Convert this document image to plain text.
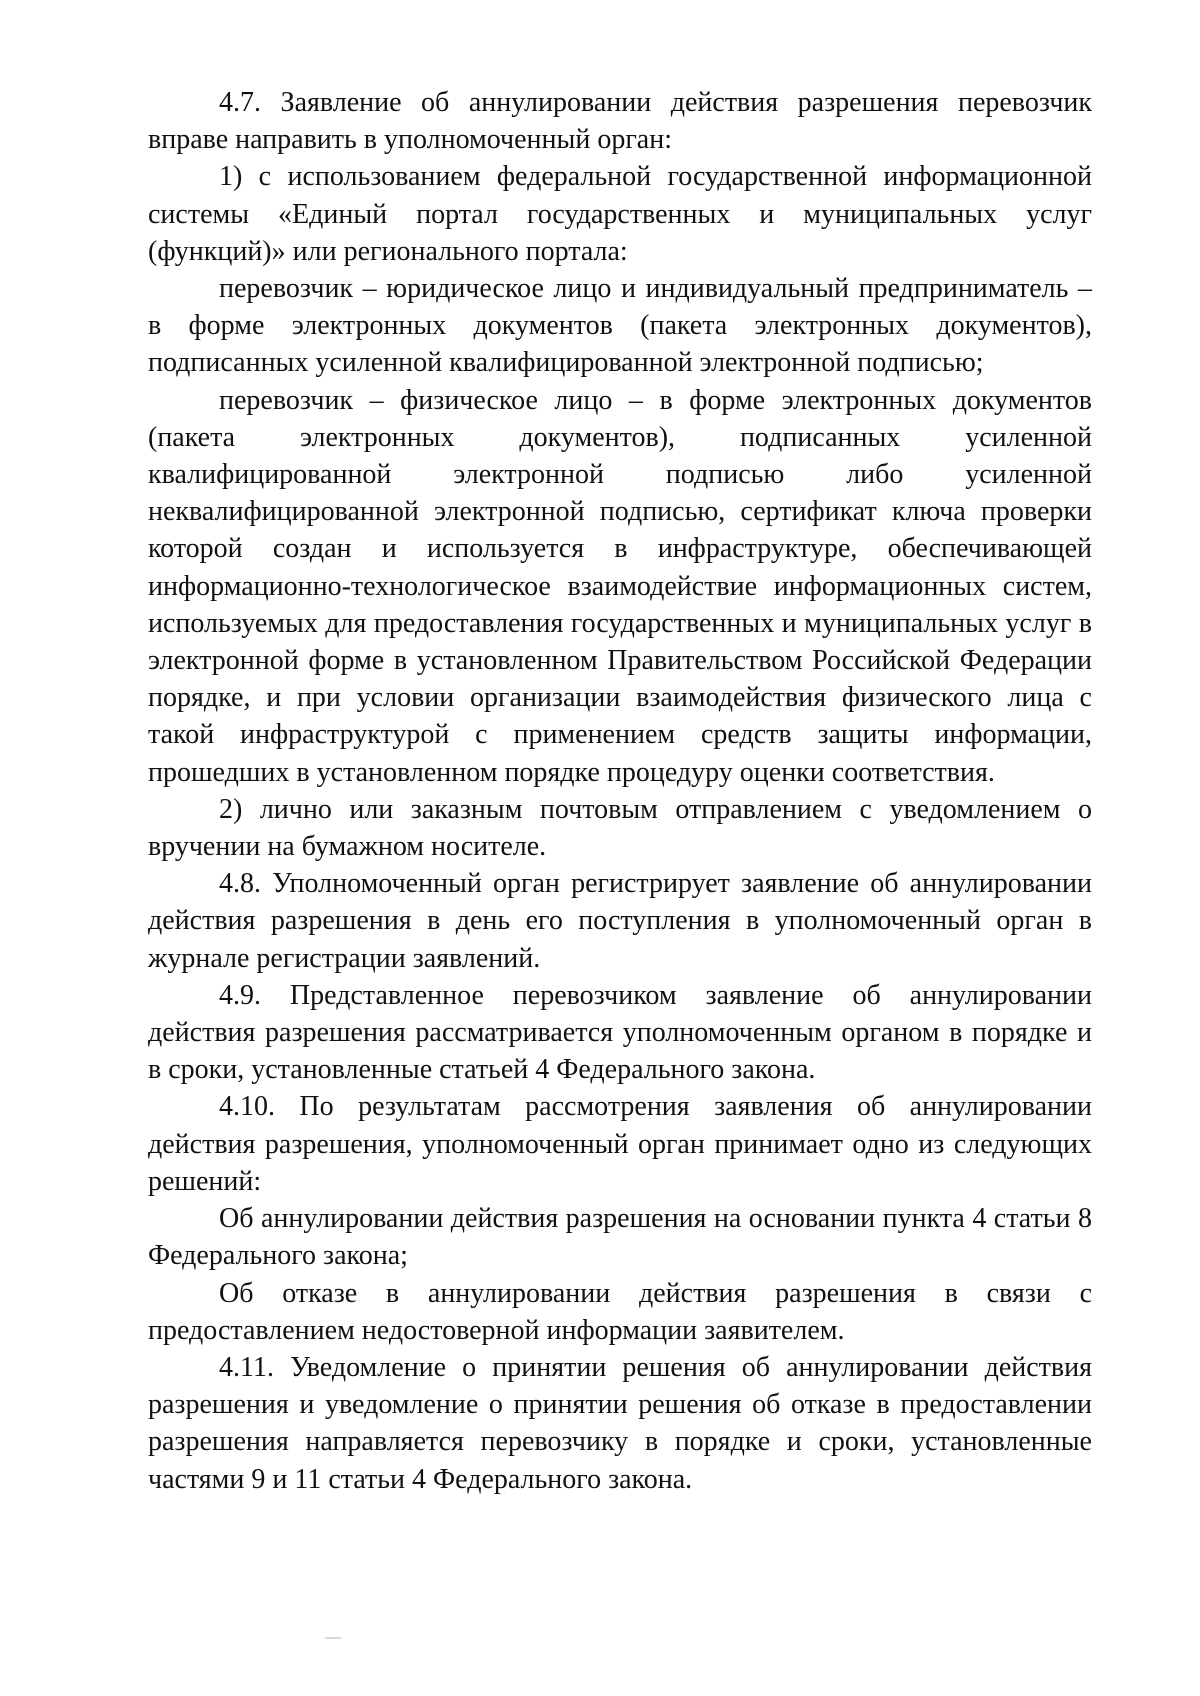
4.7. Заявление об аннулировании действия разрешения перевозчик вправе направить в уполномоченный орган:

1) с использованием федеральной государственной информационной системы «Единый портал государственных и муниципальных услуг (функций)» или регионального портала:

перевозчик – юридическое лицо и индивидуальный предприниматель – в форме электронных документов (пакета электронных документов), подписанных усиленной квалифицированной электронной подписью;

перевозчик – физическое лицо – в форме электронных документов (пакета электронных документов), подписанных усиленной квалифицированной электронной подписью либо усиленной неквалифицированной электронной подписью, сертификат ключа проверки которой создан и используется в инфраструктуре, обеспечивающей информационно-технологическое взаимодействие информационных систем, используемых для предоставления государственных и муниципальных услуг в электронной форме в установленном Правительством Российской Федерации порядке, и при условии организации взаимодействия физического лица с такой инфраструктурой с применением средств защиты информации, прошедших в установленном порядке процедуру оценки соответствия.

2) лично или заказным почтовым отправлением с уведомлением о вручении на бумажном носителе.

4.8. Уполномоченный орган регистрирует заявление об аннулировании действия разрешения в день его поступления в уполномоченный орган в журнале регистрации заявлений.

4.9. Представленное перевозчиком заявление об аннулировании действия разрешения рассматривается уполномоченным органом в порядке и в сроки, установленные статьей 4 Федерального закона.

4.10. По результатам рассмотрения заявления об аннулировании действия разрешения, уполномоченный орган принимает одно из следующих решений:

Об аннулировании действия разрешения на основании пункта 4 статьи 8 Федерального закона;

Об отказе в аннулировании действия разрешения в связи с предоставлением недостоверной информации заявителем.

4.11. Уведомление о принятии решения об аннулировании действия разрешения и уведомление о принятии решения об отказе в предоставлении разрешения направляется перевозчику в порядке и сроки, установленные частями 9 и 11 статьи 4 Федерального закона.
